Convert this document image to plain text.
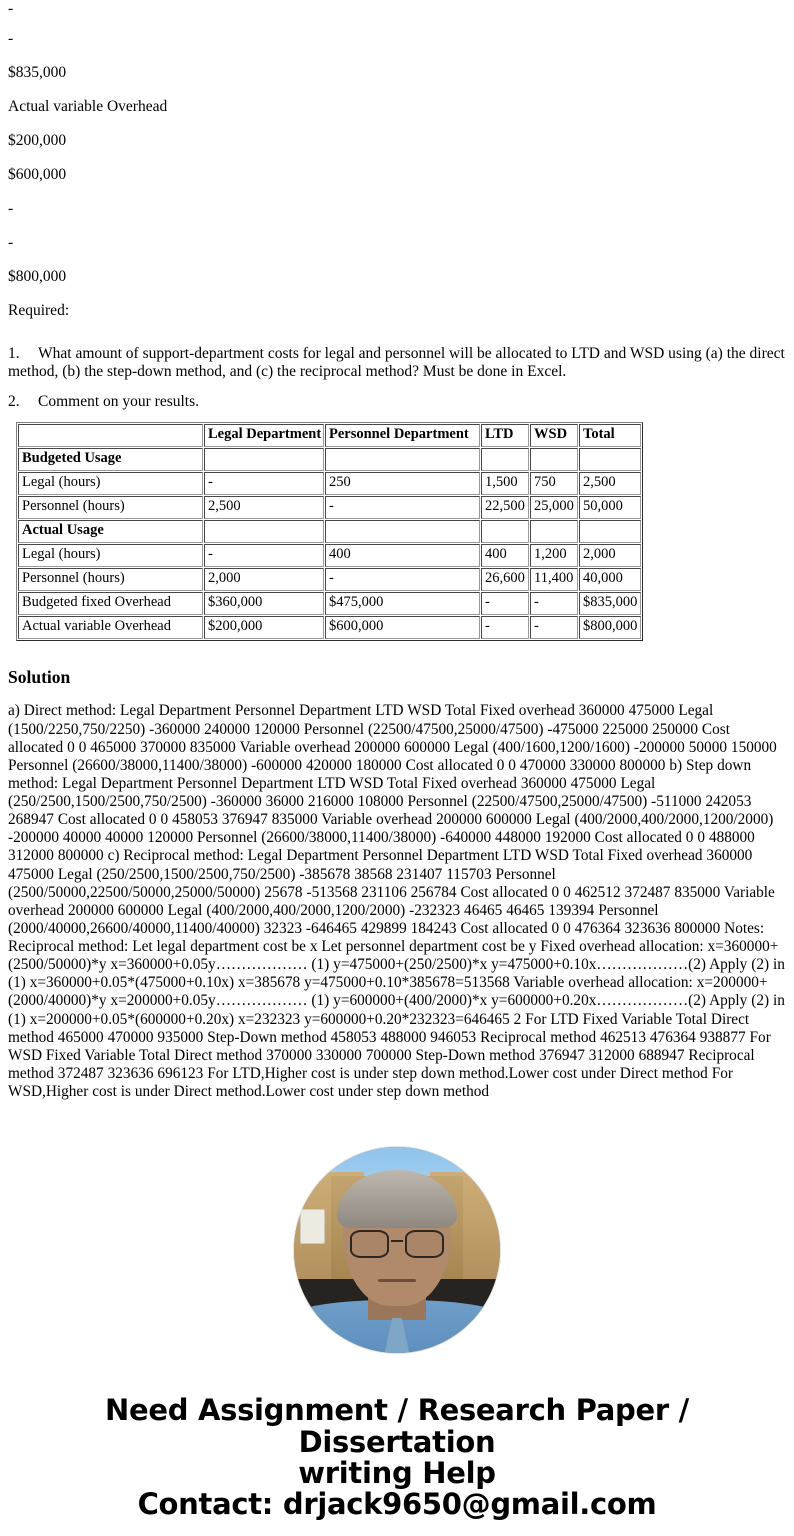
-

-

$835,000

Actual variable Overhead

$200,000

$600,000

-

-

$800,000

Required:

1. What amount of support-department costs for legal and personnel will be allocated to LTD and WSD using (a) the direct method, (b) the step-down method, and (c) the reciprocal method? Must be done in Excel.

2. Comment on your results.

	Legal Department	Personnel Department	LTD	WSD	Total
Budgeted Usage					
Legal (hours)	-	250	1,500	750	2,500
Personnel (hours)	2,500	-	22,500	25,000	50,000
Actual Usage					
Legal (hours)	-	400	400	1,200	2,000
Personnel (hours)	2,000	-	26,600	11,400	40,000
Budgeted fixed Overhead	$360,000	$475,000	-	-	$835,000
Actual variable Overhead	$200,000	$600,000	-	-	$800,000
Solution

a) Direct method: Legal Department Personnel Department LTD WSD Total Fixed overhead 360000 475000 Legal (1500/2250,750/2250) -360000 240000 120000 Personnel (22500/47500,25000/47500) -475000 225000 250000 Cost allocated 0 0 465000 370000 835000 Variable overhead 200000 600000 Legal (400/1600,1200/1600) -200000 50000 150000 Personnel (26600/38000,11400/38000) -600000 420000 180000 Cost allocated 0 0 470000 330000 800000 b) Step down method: Legal Department Personnel Department LTD WSD Total Fixed overhead 360000 475000 Legal (250/2500,1500/2500,750/2500) -360000 36000 216000 108000 Personnel (22500/47500,25000/47500) -511000 242053 268947 Cost allocated 0 0 458053 376947 835000 Variable overhead 200000 600000 Legal (400/2000,400/2000,1200/2000) -200000 40000 40000 120000 Personnel (26600/38000,11400/38000) -640000 448000 192000 Cost allocated 0 0 488000 312000 800000 c) Reciprocal method: Legal Department Personnel Department LTD WSD Total Fixed overhead 360000 475000 Legal (250/2500,1500/2500,750/2500) -385678 38568 231407 115703 Personnel (2500/50000,22500/50000,25000/50000) 25678 -513568 231106 256784 Cost allocated 0 0 462512 372487 835000 Variable overhead 200000 600000 Legal (400/2000,400/2000,1200/2000) -232323 46465 46465 139394 Personnel (2000/40000,26600/40000,11400/40000) 32323 -646465 429899 184243 Cost allocated 0 0 476364 323636 800000 Notes: Reciprocal method: Let legal department cost be x Let personnel department cost be y Fixed overhead allocation: x=360000+(2500/50000)*y x=360000+0.05y……………… (1) y=475000+(250/2500)*x y=475000+0.10x………………(2) Apply (2) in (1) x=360000+0.05*(475000+0.10x) x=385678 y=475000+0.10*385678=513568 Variable overhead allocation: x=200000+(2000/40000)*y x=200000+0.05y……………… (1) y=600000+(400/2000)*x y=600000+0.20x………………(2) Apply (2) in (1) x=200000+0.05*(600000+0.20x) x=232323 y=600000+0.20*232323=646465 2 For LTD Fixed Variable Total Direct method 465000 470000 935000 Step-Down method 458053 488000 946053 Reciprocal method 462513 476364 938877 For WSD Fixed Variable Total Direct method 370000 330000 700000 Step-Down method 376947 312000 688947 Reciprocal method 372487 323636 696123 For LTD,Higher cost is under step down method.Lower cost under Direct method For WSD,Higher cost is under Direct method.Lower cost under step down method

Need Assignment / Research Paper / Dissertation
writing Help
Contact: drjack9650@gmail.com
